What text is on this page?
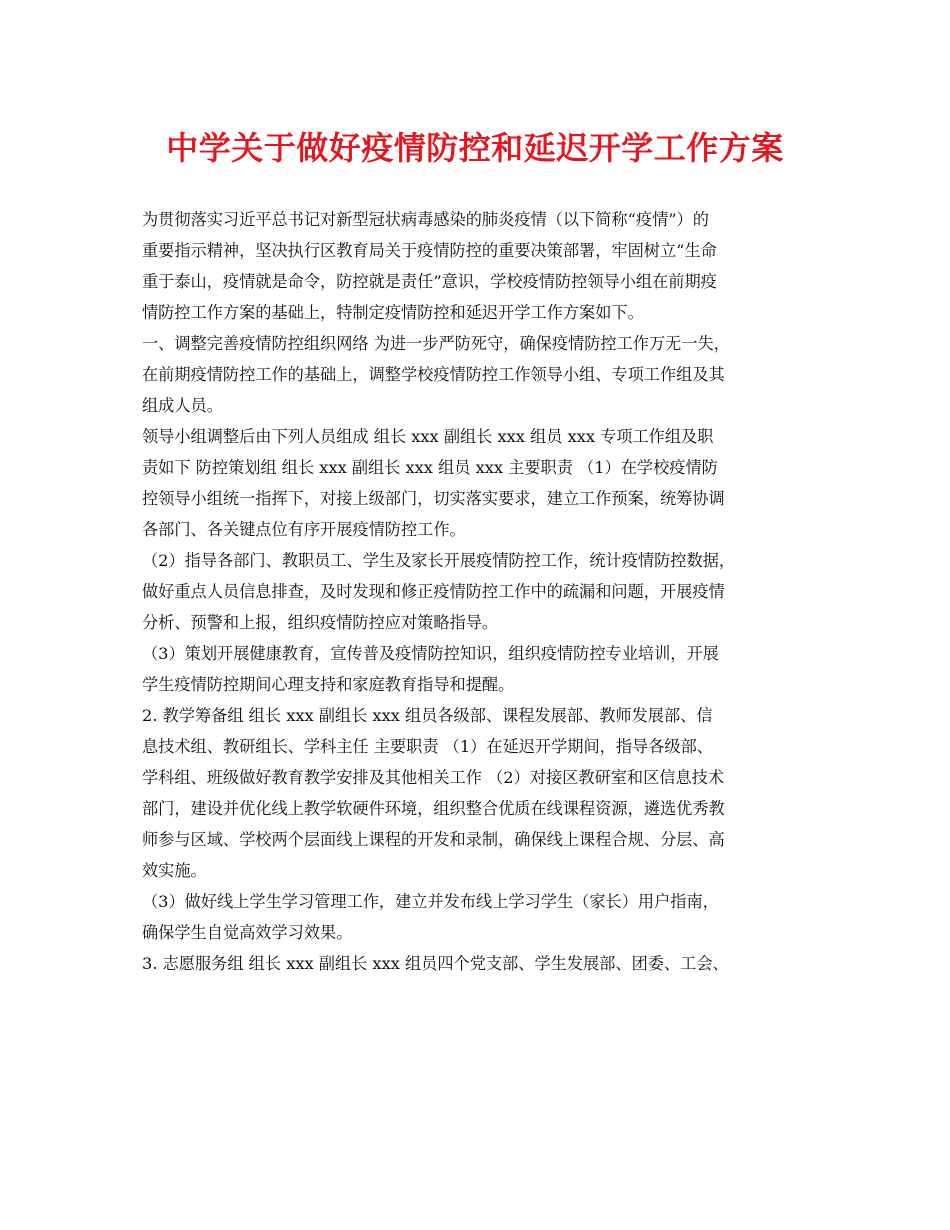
中学关于做好疫情防控和延迟开学工作方案
为贯彻落实习近平总书记对新型冠状病毒感染的肺炎疫情（以下简称“疫情”）的
重要指示精神，坚决执行区教育局关于疫情防控的重要决策部署，牢固树立“生命
重于泰山，疫情就是命令，防控就是责任”意识，学校疫情防控领导小组在前期疫
情防控工作方案的基础上，特制定疫情防控和延迟开学工作方案如下。
一、调整完善疫情防控组织网络 为进一步严防死守，确保疫情防控工作万无一失，
在前期疫情防控工作的基础上，调整学校疫情防控工作领导小组、专项工作组及其
组成人员。
领导小组调整后由下列人员组成 组长 xxx 副组长 xxx 组员 xxx 专项工作组及职
责如下 防控策划组 组长 xxx 副组长 xxx 组员 xxx 主要职责 （1）在学校疫情防
控领导小组统一指挥下，对接上级部门，切实落实要求，建立工作预案，统筹协调
各部门、各关键点位有序开展疫情防控工作。
（2）指导各部门、教职员工、学生及家长开展疫情防控工作，统计疫情防控数据，
做好重点人员信息排查，及时发现和修正疫情防控工作中的疏漏和问题，开展疫情
分析、预警和上报，组织疫情防控应对策略指导。
（3）策划开展健康教育，宣传普及疫情防控知识，组织疫情防控专业培训，开展
学生疫情防控期间心理支持和家庭教育指导和提醒。
2. 教学筹备组 组长 xxx 副组长 xxx 组员各级部、课程发展部、教师发展部、信
息技术组、教研组长、学科主任 主要职责 （1）在延迟开学期间，指导各级部、
学科组、班级做好教育教学安排及其他相关工作 （2）对接区教研室和区信息技术
部门，建设并优化线上教学软硬件环境，组织整合优质在线课程资源，遴选优秀教
师参与区域、学校两个层面线上课程的开发和录制，确保线上课程合规、分层、高
效实施。
（3）做好线上学生学习管理工作，建立并发布线上学习学生（家长）用户指南，
确保学生自觉高效学习效果。
3. 志愿服务组 组长 xxx 副组长 xxx 组员四个党支部、学生发展部、团委、工会、
